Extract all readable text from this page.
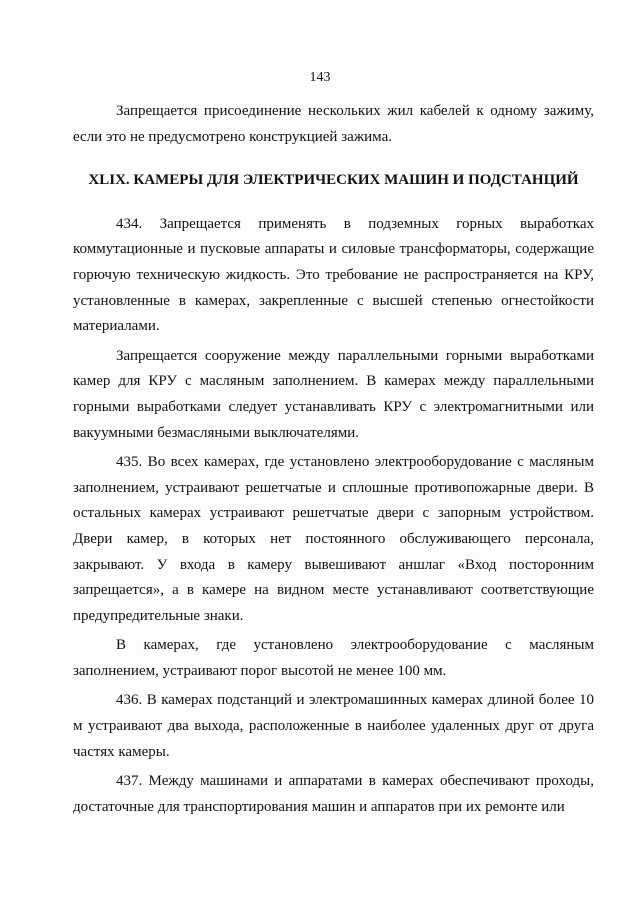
143

Запрещается присоединение нескольких жил кабелей к одному зажиму, если это не предусмотрено конструкцией зажима.

XLIX. КАМЕРЫ ДЛЯ ЭЛЕКТРИЧЕСКИХ МАШИН И ПОДСТАНЦИЙ

434. Запрещается применять в подземных горных выработках коммутационные и пусковые аппараты и силовые трансформаторы, содержащие горючую техническую жидкость. Это требование не распространяется на КРУ, установленные в камерах, закрепленные с высшей степенью огнестойкости материалами.

Запрещается сооружение между параллельными горными выработками камер для КРУ с масляным заполнением. В камерах между параллельными горными выработками следует устанавливать КРУ с электромагнитными или вакуумными безмасляными выключателями.

435. Во всех камерах, где установлено электрооборудование с масляным заполнением, устраивают решетчатые и сплошные противопожарные двери. В остальных камерах устраивают решетчатые двери с запорным устройством. Двери камер, в которых нет постоянного обслуживающего персонала, закрывают. У входа в камеру вывешивают аншлаг «Вход посторонним запрещается», а в камере на видном месте устанавливают соответствующие предупредительные знаки.

В камерах, где установлено электрооборудование с масляным заполнением, устраивают порог высотой не менее 100 мм.

436. В камерах подстанций и электромашинных камерах длиной более 10 м устраивают два выхода, расположенные в наиболее удаленных друг от друга частях камеры.

437. Между машинами и аппаратами в камерах обеспечивают проходы, достаточные для транспортирования машин и аппаратов при их ремонте или
